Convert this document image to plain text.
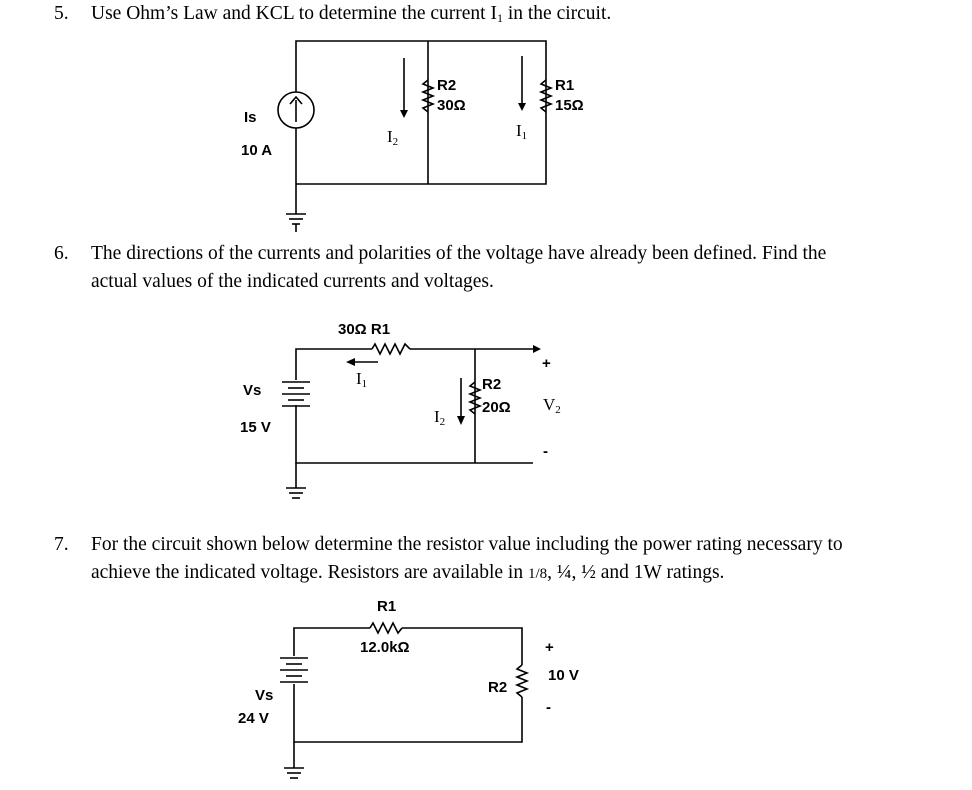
5. Use Ohm’s Law and KCL to determine the current $I_1$ in the circuit.
6. The directions of the currents and polarities of the voltage have already been defined. Find the
actual values of the indicated currents and voltages.
7. For the circuit shown below determine the resistor value including the power rating necessary to
achieve the indicated voltage. Resistors are available in 1/8, ¼, ½ and 1W ratings.
Is
10 A
R2
30Ω
R1
15Ω
I2
I1
30Ω R1
Vs
15 V
R2
20Ω
I1
I2
V2
+
-
R1
12.0kΩ
Vs
24 V
R2
+
10 V
-
